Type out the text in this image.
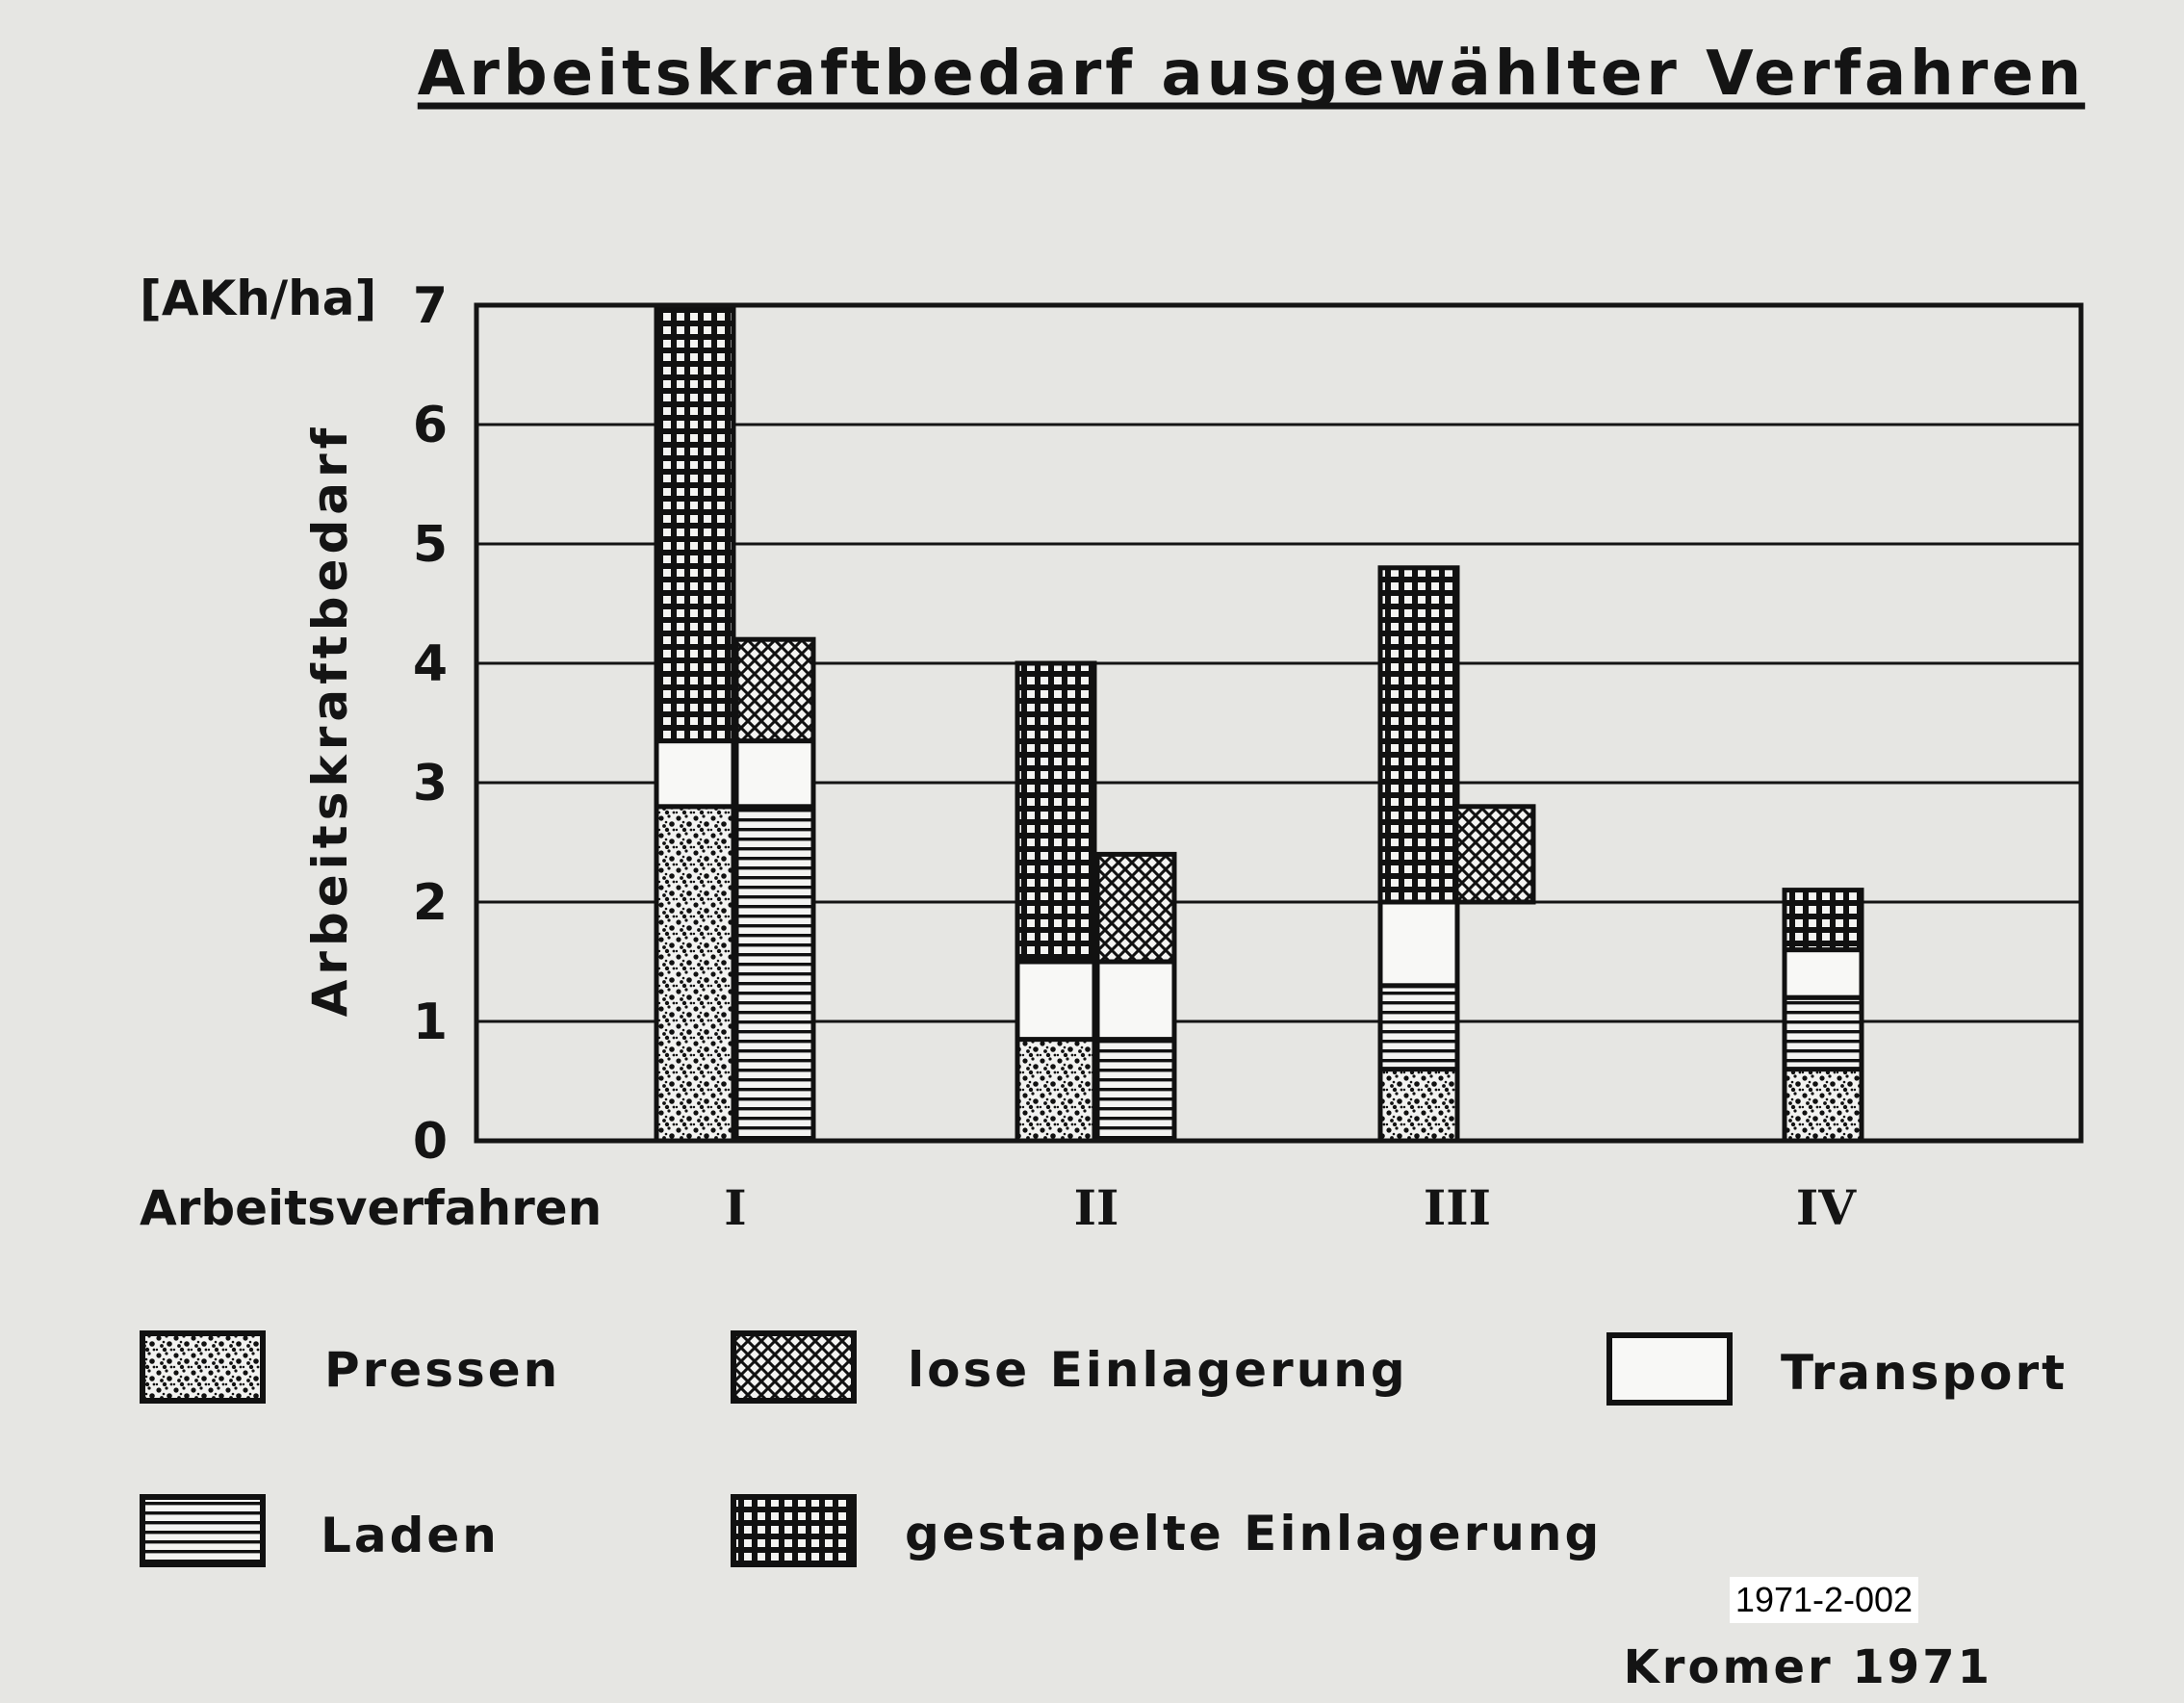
Arbeitskraftbedarf ausgewählter Verfahren
[AKh/ha]
Arbeitskraftbedarf
Arbeitsverfahren
0
1
2
3
4
5
6
7
I	II	III	IV
Pressen	lose Einlagerung	Transport
Laden	gestapelte Einlagerung
1971-2-002
Kromer 1971
